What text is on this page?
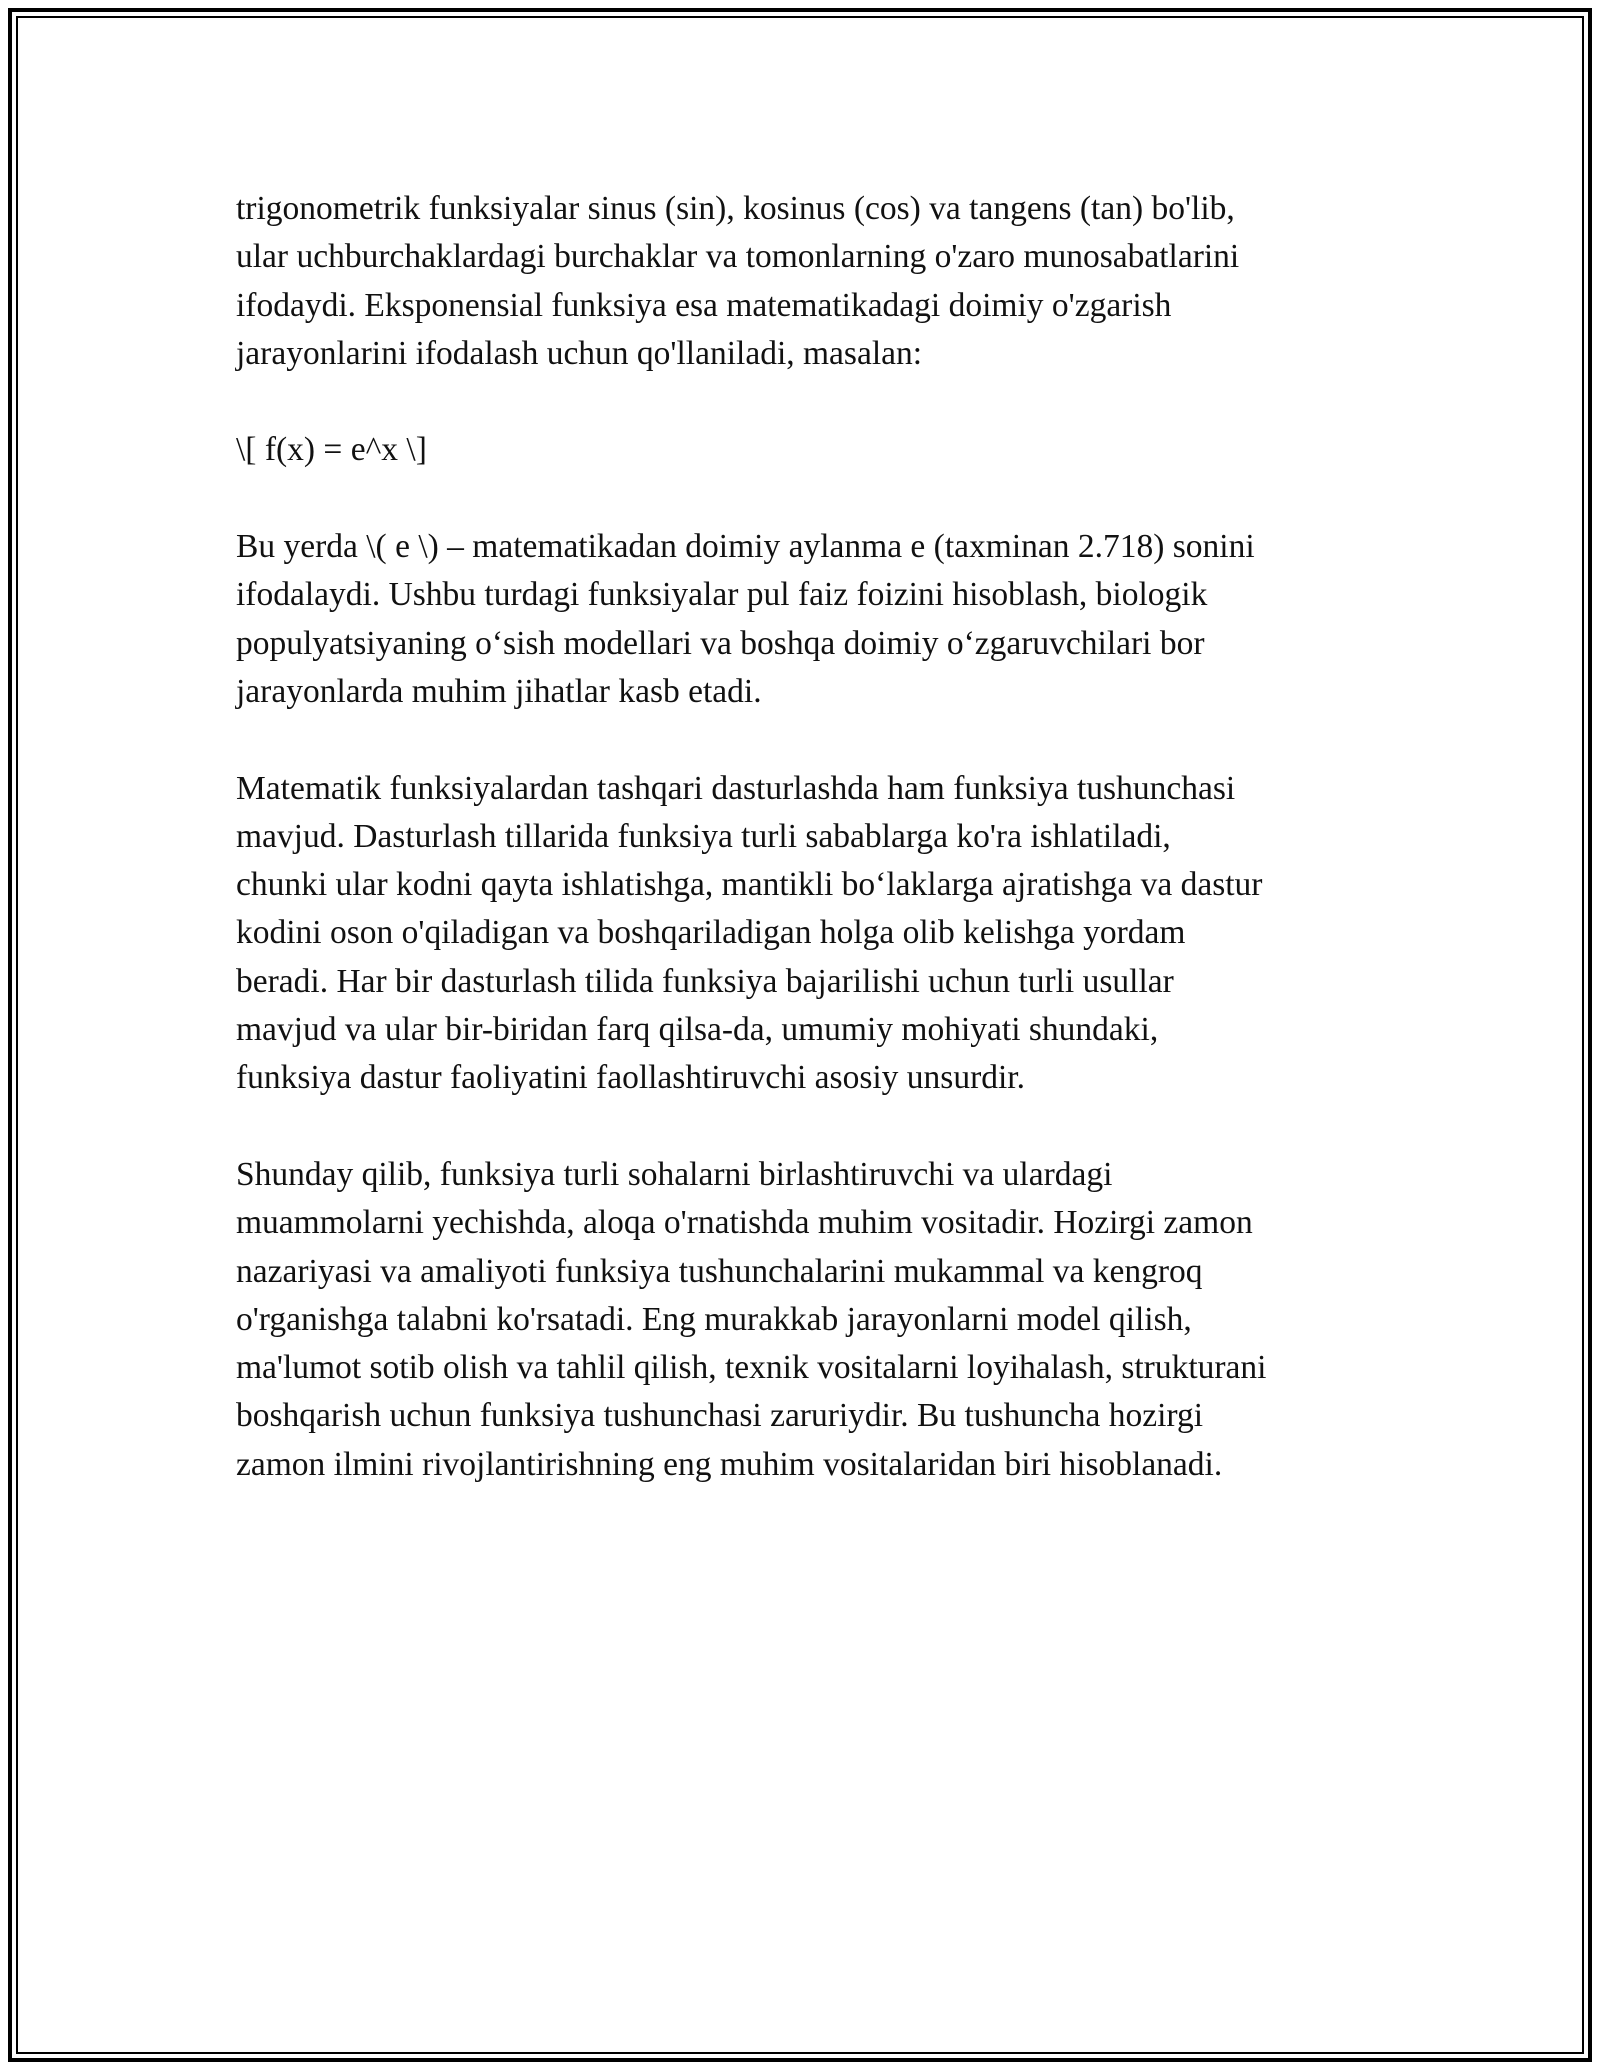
trigonometrik funksiyalar sinus (sin), kosinus (cos) va tangens (tan) bo'lib,
ular uchburchaklardagi burchaklar va tomonlarning o'zaro munosabatlarini
ifodaydi. Eksponensial funksiya esa matematikadagi doimiy o'zgarish
jarayonlarini ifodalash uchun qo'llaniladi, masalan:

\[ f(x) = e^x \]

Bu yerda \( e \) – matematikadan doimiy aylanma e (taxminan 2.718) sonini
ifodalaydi. Ushbu turdagi funksiyalar pul faiz foizini hisoblash, biologik
populyatsiyaning o‘sish modellari va boshqa doimiy o‘zgaruvchilari bor
jarayonlarda muhim jihatlar kasb etadi.

Matematik funksiyalardan tashqari dasturlashda ham funksiya tushunchasi
mavjud. Dasturlash tillarida funksiya turli sabablarga ko'ra ishlatiladi,
chunki ular kodni qayta ishlatishga, mantikli bo‘laklarga ajratishga va dastur
kodini oson o'qiladigan va boshqariladigan holga olib kelishga yordam
beradi. Har bir dasturlash tilida funksiya bajarilishi uchun turli usullar
mavjud va ular bir-biridan farq qilsa-da, umumiy mohiyati shundaki,
funksiya dastur faoliyatini faollashtiruvchi asosiy unsurdir.

Shunday qilib, funksiya turli sohalarni birlashtiruvchi va ulardagi
muammolarni yechishda, aloqa o'rnatishda muhim vositadir. Hozirgi zamon
nazariyasi va amaliyoti funksiya tushunchalarini mukammal va kengroq
o'rganishga talabni ko'rsatadi. Eng murakkab jarayonlarni model qilish,
ma'lumot sotib olish va tahlil qilish, texnik vositalarni loyihalash, strukturani
boshqarish uchun funksiya tushunchasi zaruriydir. Bu tushuncha hozirgi
zamon ilmini rivojlantirishning eng muhim vositalaridan biri hisoblanadi.
